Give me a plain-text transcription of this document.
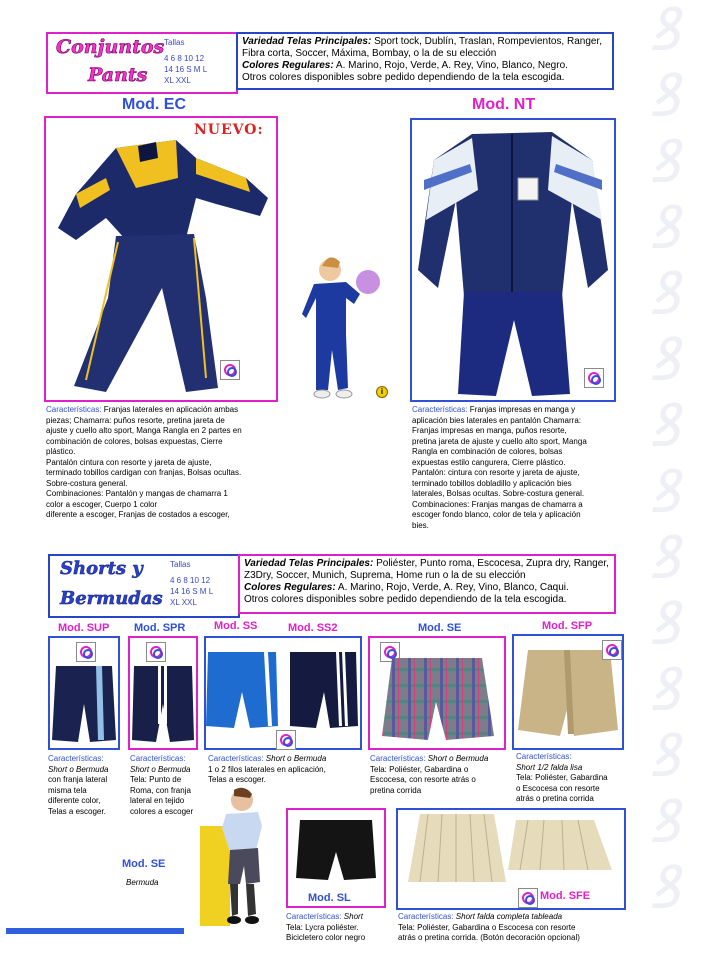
ꝸ
ꝸ
ꝸ
ꝸ
ꝸ
ꝸ
ꝸ
ꝸ
ꝸ
ꝸ
ꝸ
ꝸ
ꝸ
ꝸ
Conjuntos
Pants
Tallas
4 6 8 10 12
14 16 S M L
XL XXL
Variedad Telas Principales: Sport tock, Dublín, Traslan, Rompevientos, Ranger, Fibra corta, Soccer, Máxima, Bombay, o la de su elección
Colores Regulares: A. Marino, Rojo, Verde, A. Rey, Vino, Blanco, Negro.
Otros colores disponibles sobre pedido dependiendo de la tela escogida.
Mod. EC
NUEVO:
i
Características: Franjas laterales en aplicación ambas
piezas; Chamarra: puños resorte, pretina jareta de
ajuste y cuello alto sport, Manga Rangla en 2 partes en
combinación de colores, bolsas expuestas, Cierre
plástico.
Pantalón cintura con resorte y jareta de ajuste,
terminado tobillos cardigan con franjas, Bolsas ocultas.
Sobre-costura general.
Combinaciones: Pantalón y mangas de chamarra 1
color a escoger, Cuerpo 1 color
diferente a escoger, Franjas de costados a escoger,
Mod. NT
Características: Franjas impresas en manga y
aplicación bies laterales en pantalón Chamarra:
Franjas impresas en manga, puños resorte,
pretina jareta de ajuste y cuello alto sport, Manga
Rangla en combinación de colores, bolsas
expuestas estilo cangurera, Cierre plástico.
Pantalón: cintura con resorte y jareta de ajuste,
terminado tobillos dobladillo y aplicación bies
laterales, Bolsas ocultas. Sobre-costura general.
Combinaciones: Franjas mangas de chamarra a
escoger fondo blanco, color de tela y aplicación
bies.
Shorts y
Bermudas
Tallas
4 6 8 10 12
14 16 S M L
XL XXL
Variedad Telas Principales: Poliéster, Punto roma, Escocesa, Zupra dry, Ranger, Z3Dry, Soccer, Munich, Suprema, Home run o la de su elección
Colores Regulares: A. Marino, Rojo, Verde, A. Rey, Vino, Blanco, Caqui.
Otros colores disponibles sobre pedido dependiendo de la tela escogida.
Mod. SUP
Características:
Short o Bermuda
con franja lateral
misma tela
diferente color,
Telas a escoger.
Mod. SPR
Características:
Short o Bermuda
Tela: Punto de
Roma, con franja
lateral en tejido
colores a escoger
Mod. SS	Mod. SS2
Características: Short o Bermuda
1 o 2 filos laterales en aplicación,
Telas a escoger.
Mod. SE
Características: Short o Bermuda
Tela: Poliéster, Gabardina o
Escocesa, con resorte atrás o
pretina corrida
Mod. SFP
Características:
Short 1/2 falda lisa
Tela: Poliéster, Gabardina
o Escocesa con resorte
atrás o pretina corrida
Mod. SE
Bermuda
Mod. SL
Características: Short
Tela: Lycra poliéster.
Bicicletero color negro
Mod. SFE
Características: Short falda completa tableada
Tela: Poliéster, Gabardina o Escocesa con resorte
atrás o pretina corrida. (Botón decoración opcional)
